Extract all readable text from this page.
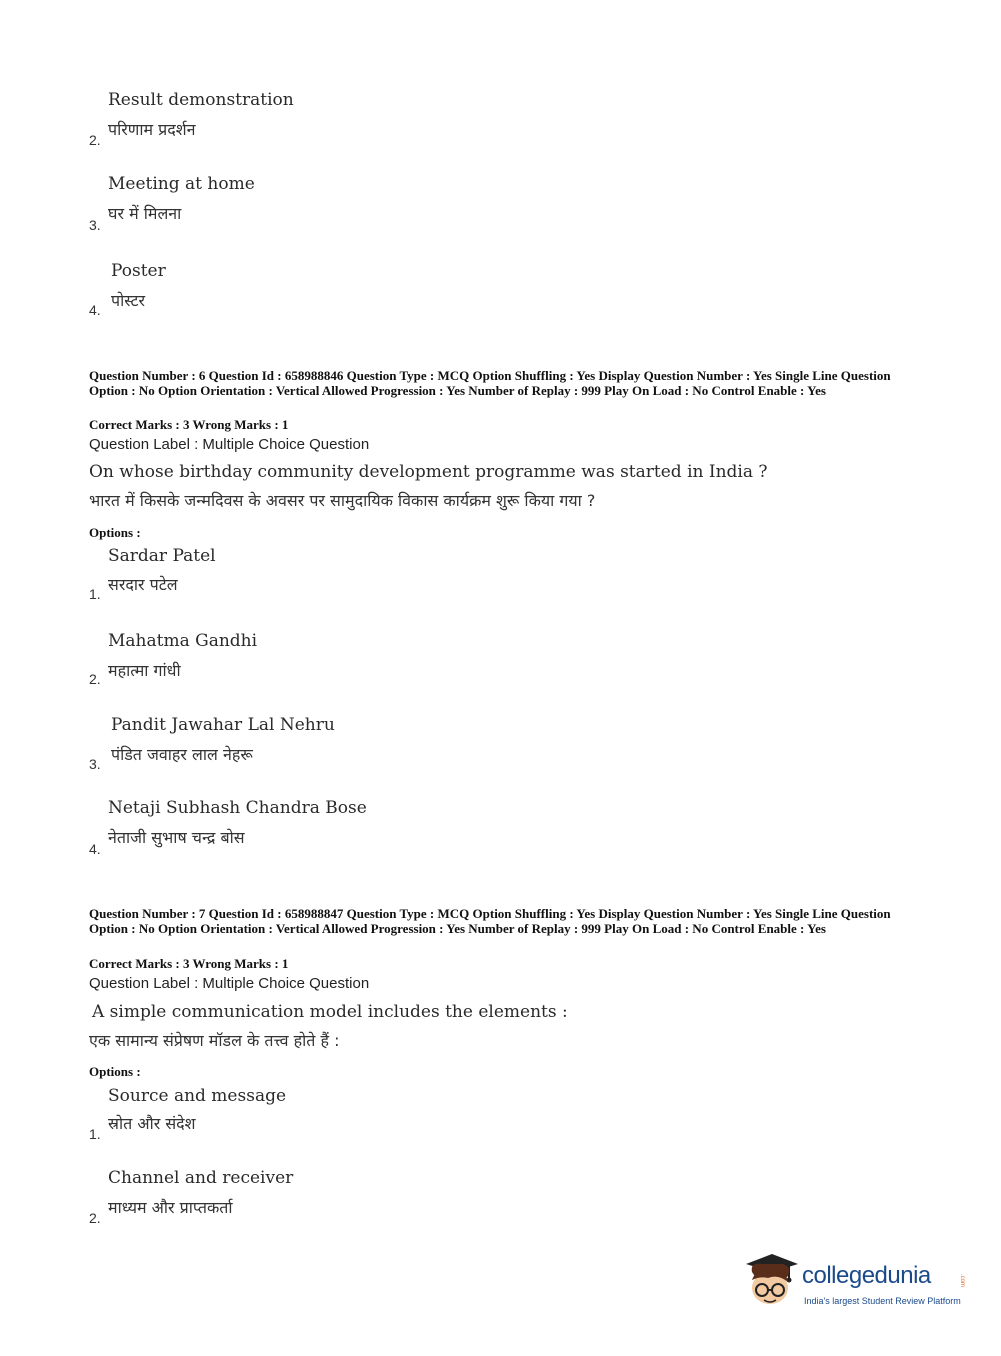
Result demonstration
परिणाम प्रदर्शन
2.
Meeting at home
घर में मिलना
3.
Poster
पोस्टर
4.
Question Number : 6 Question Id : 658988846 Question Type : MCQ Option Shuffling : Yes Display Question Number : Yes Single Line Question Option : No Option Orientation : Vertical Allowed Progression : Yes Number of Replay : 999 Play On Load : No Control Enable : Yes
Correct Marks : 3 Wrong Marks : 1
Question Label : Multiple Choice Question
On whose birthday community development programme was started in India ?
भारत में किसके जन्मदिवस के अवसर पर सामुदायिक विकास कार्यक्रम शुरू किया गया ?
Options :
Sardar Patel
सरदार पटेल
1.
Mahatma Gandhi
महात्मा गांधी
2.
Pandit Jawahar Lal Nehru
पंडित जवाहर लाल नेहरू
3.
Netaji Subhash Chandra Bose
नेताजी सुभाष चन्द्र बोस
4.
Question Number : 7 Question Id : 658988847 Question Type : MCQ Option Shuffling : Yes Display Question Number : Yes Single Line Question Option : No Option Orientation : Vertical Allowed Progression : Yes Number of Replay : 999 Play On Load : No Control Enable : Yes
Correct Marks : 3 Wrong Marks : 1
Question Label : Multiple Choice Question
A simple communication model includes the elements :
एक सामान्य संप्रेषण मॉडल के तत्त्व होते हैं :
Options :
Source and message
स्रोत और संदेश
1.
Channel and receiver
माध्यम और प्राप्तकर्ता
2.
collegedunia	.com
India's largest Student Review Platform
